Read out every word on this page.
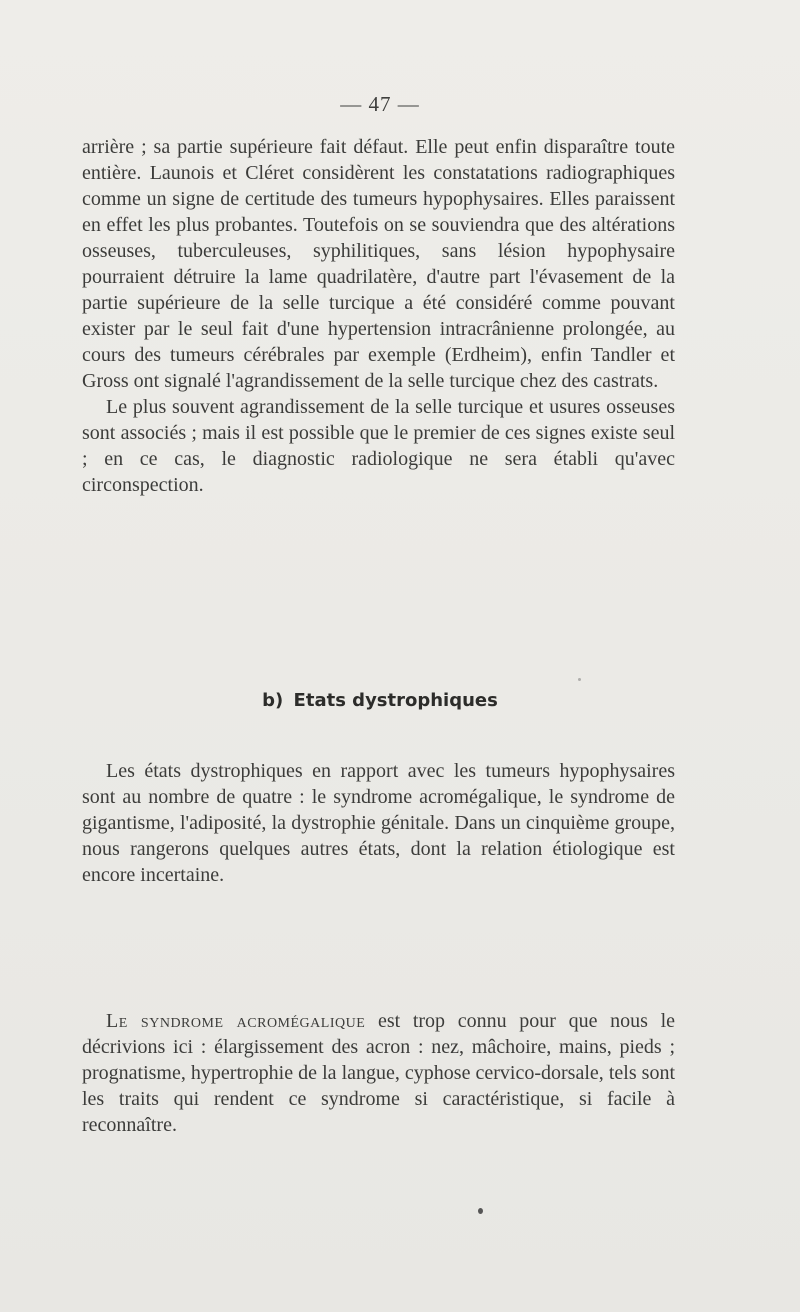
— 47 —

arrière ; sa partie supérieure fait défaut. Elle peut enfin disparaître toute entière. Launois et Cléret considèrent les constatations radiographiques comme un signe de certitude des tumeurs hypophysaires. Elles paraissent en effet les plus probantes. Toutefois on se souviendra que des altérations osseuses, tuberculeuses, syphilitiques, sans lésion hypophysaire pourraient détruire la lame quadrilatère, d'autre part l'évasement de la partie supérieure de la selle turcique a été considéré comme pouvant exister par le seul fait d'une hypertension intracrânienne prolongée, au cours des tumeurs cérébrales par exemple (Erdheim), enfin Tandler et Gross ont signalé l'agrandissement de la selle turcique chez des castrats.

Le plus souvent agrandissement de la selle turcique et usures osseuses sont associés ; mais il est possible que le premier de ces signes existe seul ; en ce cas, le diagnostic radiologique ne sera établi qu'avec circonspection.

b) Etats dystrophiques

Les états dystrophiques en rapport avec les tumeurs hypophysaires sont au nombre de quatre : le syndrome acromégalique, le syndrome de gigantisme, l'adiposité, la dystrophie génitale. Dans un cinquième groupe, nous rangerons quelques autres états, dont la relation étiologique est encore incertaine.

Le syndrome acromégalique est trop connu pour que nous le décrivions ici : élargissement des acron : nez, mâchoire, mains, pieds ; prognatisme, hypertrophie de la langue, cyphose cervico-dorsale, tels sont les traits qui rendent ce syndrome si caractéristique, si facile à reconnaître.
